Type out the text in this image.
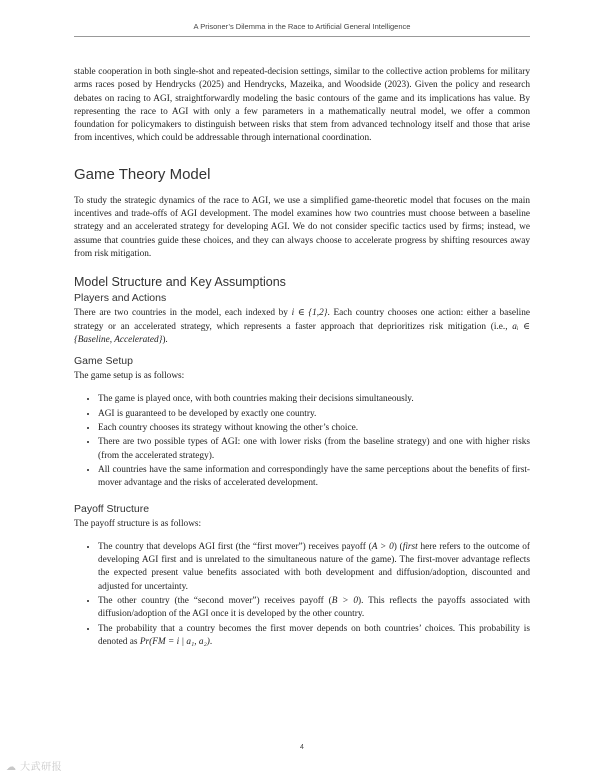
A Prisoner’s Dilemma in the Race to Artificial General Intelligence

stable cooperation in both single-shot and repeated-decision settings, similar to the collective action problems for military arms races posed by Hendrycks (2025) and Hendrycks, Mazeika, and Woodside (2023). Given the policy and research debates on racing to AGI, straightforwardly modeling the basic contours of the game and its implications has value. By representing the race to AGI with only a few parameters in a mathematically neutral model, we offer a common foundation for policymakers to distinguish between risks that stem from advanced technology itself and those that arise from incentives, which could be addressable through international coordination.

Game Theory Model

To study the strategic dynamics of the race to AGI, we use a simplified game-theoretic model that focuses on the main incentives and trade-offs of AGI development. The model examines how two countries must choose between a baseline strategy and an accelerated strategy for developing AGI. We do not consider specific tactics used by firms; instead, we assume that countries guide these choices, and they can always choose to accelerate progress by shifting resources away from risk mitigation.

Model Structure and Key Assumptions
Players and Actions

There are two countries in the model, each indexed by i ∈ {1,2}. Each country chooses one action: either a baseline strategy or an accelerated strategy, which represents a faster approach that deprioritizes risk mitigation (i.e., aᵢ ∈ {Baseline, Accelerated}).

Game Setup

The game setup is as follows:

• The game is played once, with both countries making their decisions simultaneously.
• AGI is guaranteed to be developed by exactly one country.
• Each country chooses its strategy without knowing the other’s choice.
• There are two possible types of AGI: one with lower risks (from the baseline strategy) and one with higher risks (from the accelerated strategy).
• All countries have the same information and correspondingly have the same perceptions about the benefits of first-mover advantage and the risks of accelerated development.
Payoff Structure

The payoff structure is as follows:

• The country that develops AGI first (the “first mover”) receives payoff (A > 0) (first here refers to the outcome of developing AGI first and is unrelated to the simultaneous nature of the game). The first-mover advantage reflects the expected present value benefits associated with both development and diffusion/adoption, discounted and adjusted for uncertainty.
• The other country (the “second mover”) receives payoff (B > 0). This reflects the payoffs associated with diffusion/adoption of the AGI once it is developed by the other country.
• The probability that a country becomes the first mover depends on both countries’ choices. This probability is denoted as Pr(FM = i | a₁, a₂).
4
☁ 大武研报
